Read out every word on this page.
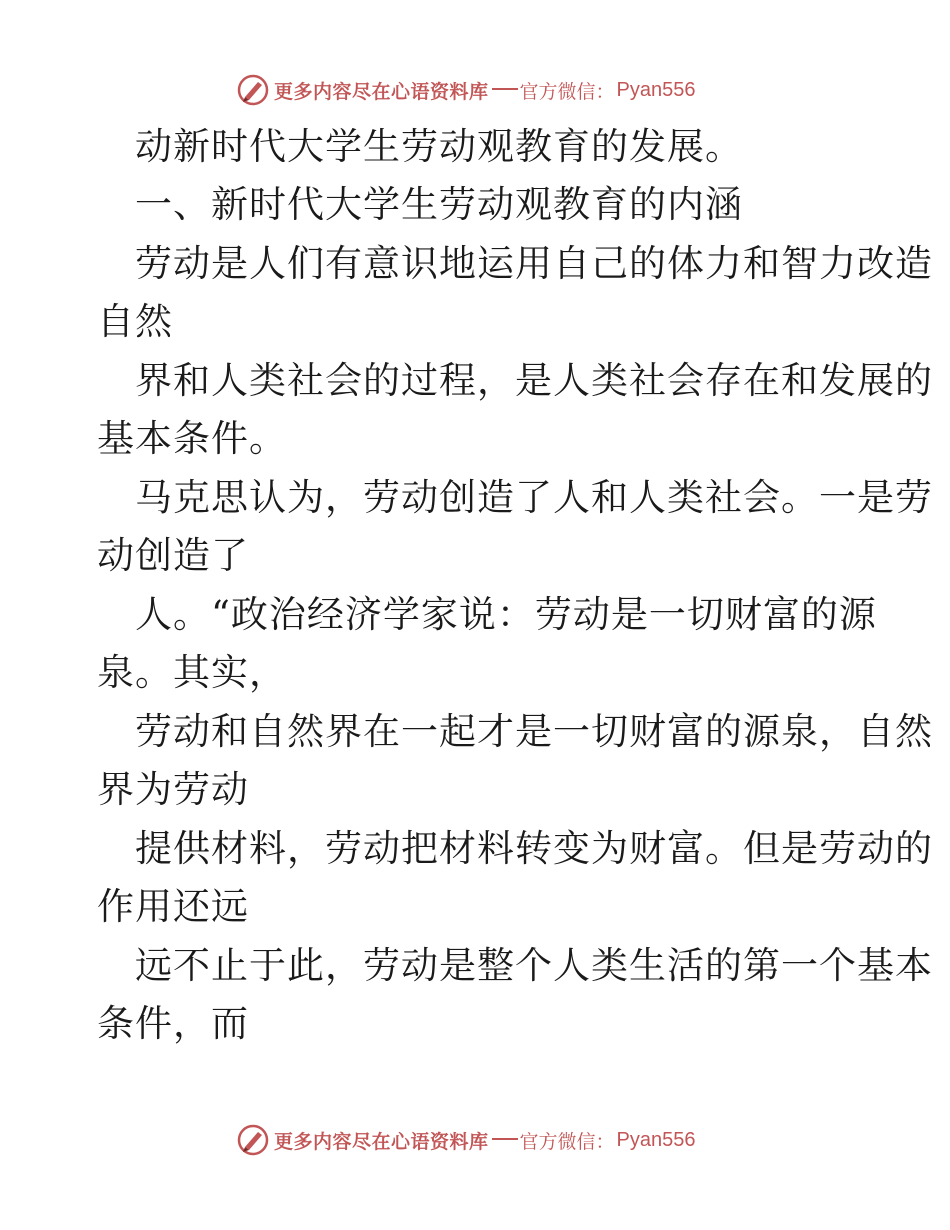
更多内容尽在心语资料库 官方微信： Pyan556
动新时代大学生劳动观教育的发展。
一、新时代大学生劳动观教育的内涵
劳动是人们有意识地运用自己的体力和智力改造
自然
界和人类社会的过程，是人类社会存在和发展的
基本条件。
马克思认为，劳动创造了人和人类社会。一是劳
动创造了
人。“政治经济学家说：劳动是一切财富的源
泉。其实，
劳动和自然界在一起才是一切财富的源泉，自然
界为劳动
提供材料，劳动把材料转变为财富。但是劳动的
作用还远
远不止于此，劳动是整个人类生活的第一个基本
条件，而
更多内容尽在心语资料库 官方微信： Pyan556
